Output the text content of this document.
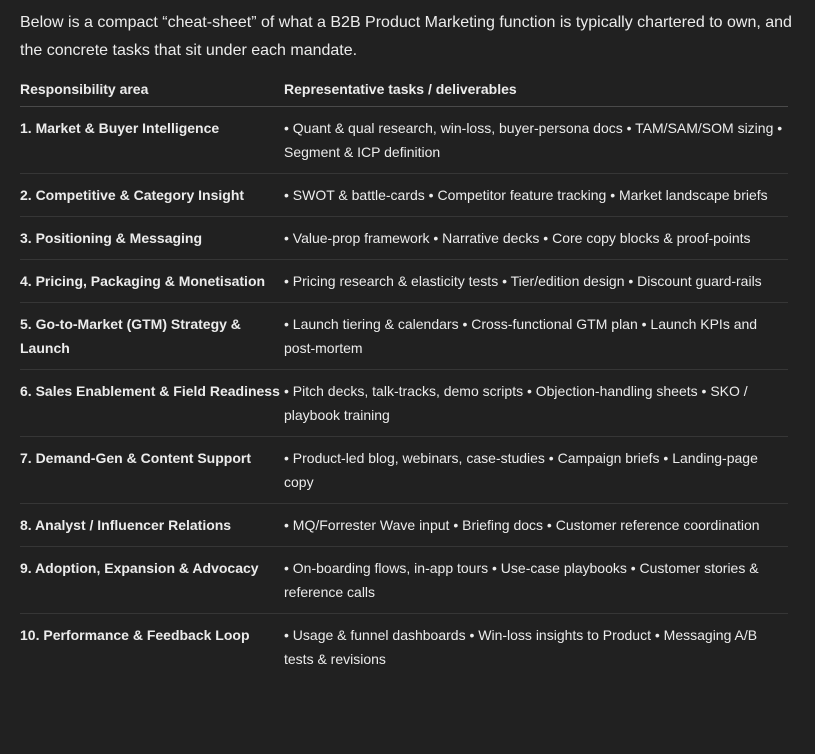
Below is a compact “cheat-sheet” of what a B2B Product Marketing function is typically chartered to own, and the concrete tasks that sit under each mandate.

Responsibility area	Representative tasks / deliverables
1. Market & Buyer Intelligence	• Quant & qual research, win-loss, buyer-persona docs • TAM/SAM/SOM sizing • Segment & ICP definition
2. Competitive & Category Insight	• SWOT & battle-cards • Competitor feature tracking • Market landscape briefs
3. Positioning & Messaging	• Value-prop framework • Narrative decks • Core copy blocks & proof-points
4. Pricing, Packaging & Monetisation	• Pricing research & elasticity tests • Tier/edition design • Discount guard-rails
5. Go-to-Market (GTM) Strategy & Launch	• Launch tiering & calendars • Cross-functional GTM plan • Launch KPIs and post-mortem
6. Sales Enablement & Field Readiness	• Pitch decks, talk-tracks, demo scripts • Objection-handling sheets • SKO / playbook training
7. Demand-Gen & Content Support	• Product-led blog, webinars, case-studies • Campaign briefs • Landing-page copy
8. Analyst / Influencer Relations	• MQ/Forrester Wave input • Briefing docs • Customer reference coordination
9. Adoption, Expansion & Advocacy	• On-boarding flows, in-app tours • Use-case playbooks • Customer stories & reference calls
10. Performance & Feedback Loop	• Usage & funnel dashboards • Win-loss insights to Product • Messaging A/B tests & revisions
